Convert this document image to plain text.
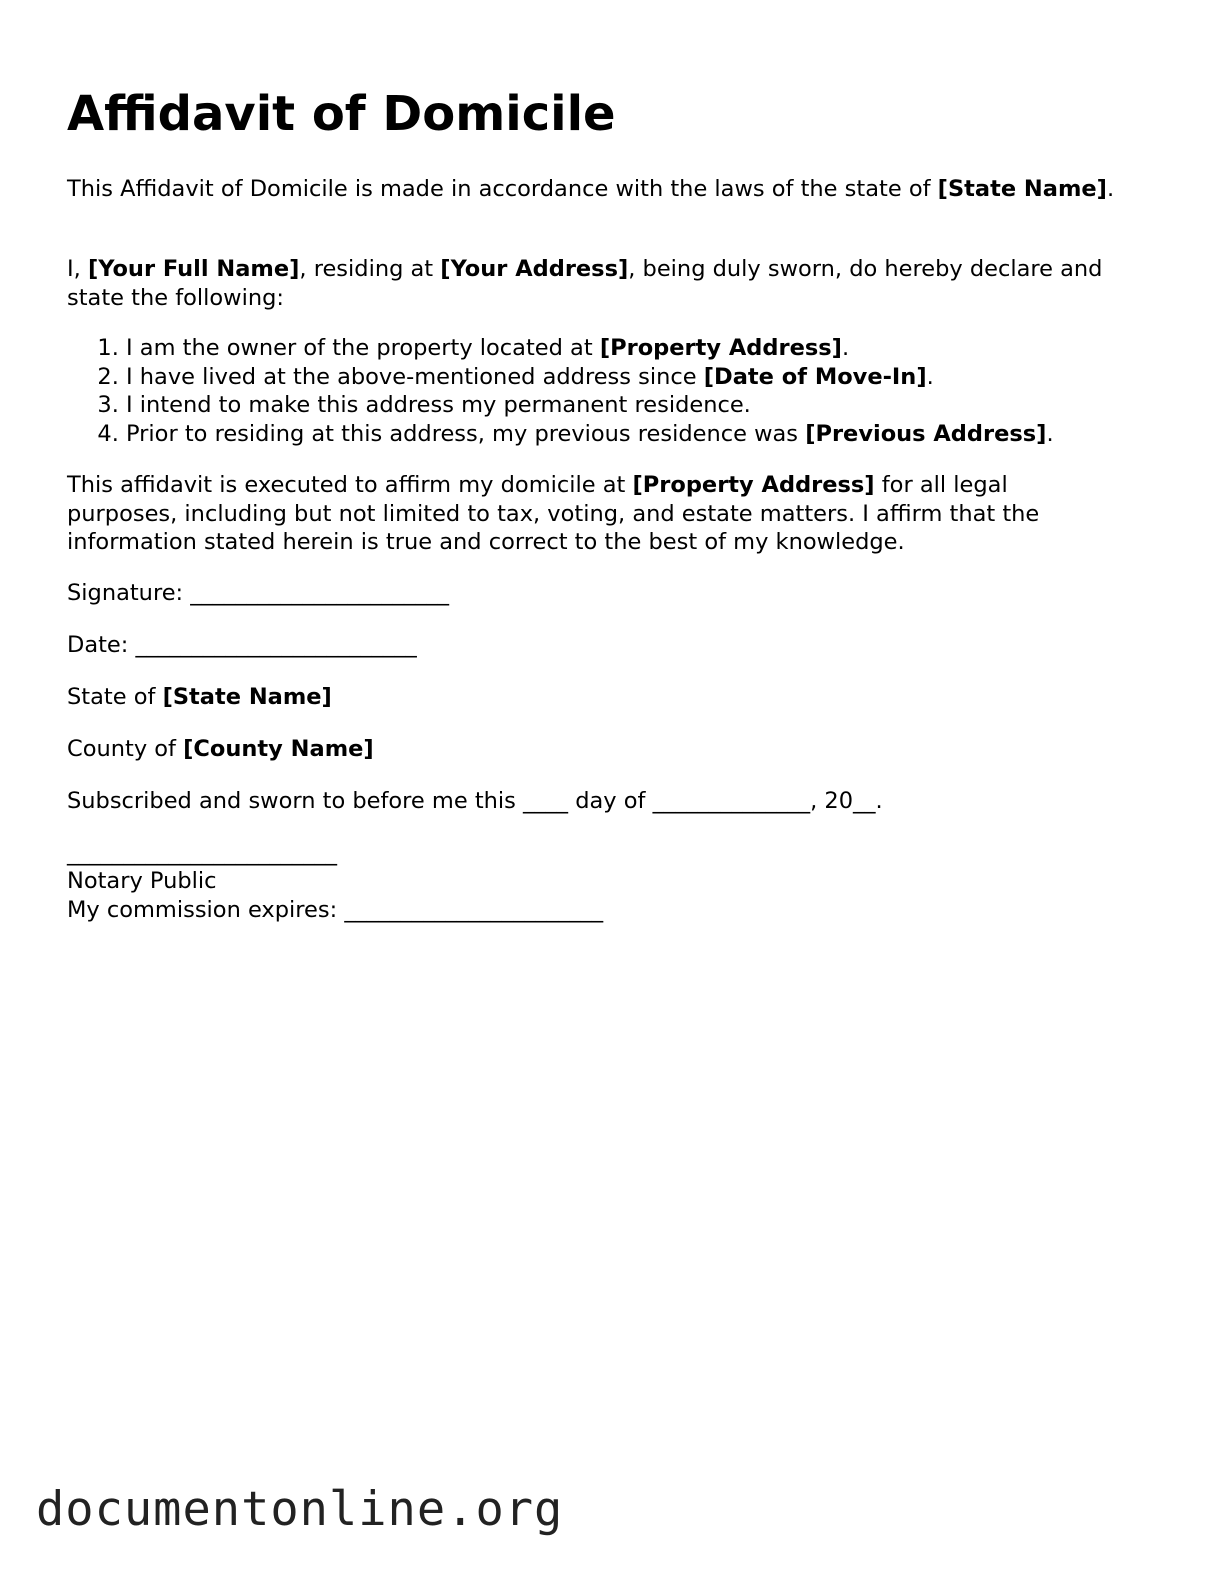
Affidavit of Domicile

This Affidavit of Domicile is made in accordance with the laws of the state of [State Name].

I, [Your Full Name], residing at [Your Address], being duly sworn, do hereby declare and state the following:

1. I am the owner of the property located at [Property Address].
2. I have lived at the above-mentioned address since [Date of Move-In].
3. I intend to make this address my permanent residence.
4. Prior to residing at this address, my previous residence was [Previous Address].

This affidavit is executed to affirm my domicile at [Property Address] for all legal purposes, including but not limited to tax, voting, and estate matters. I affirm that the information stated herein is true and correct to the best of my knowledge.

Signature: _______________________

Date: _________________________

State of [State Name]

County of [County Name]

Subscribed and sworn to before me this ____ day of ______________, 20__.

________________________

Notary Public

My commission expires: _______________________

documentonline.org
